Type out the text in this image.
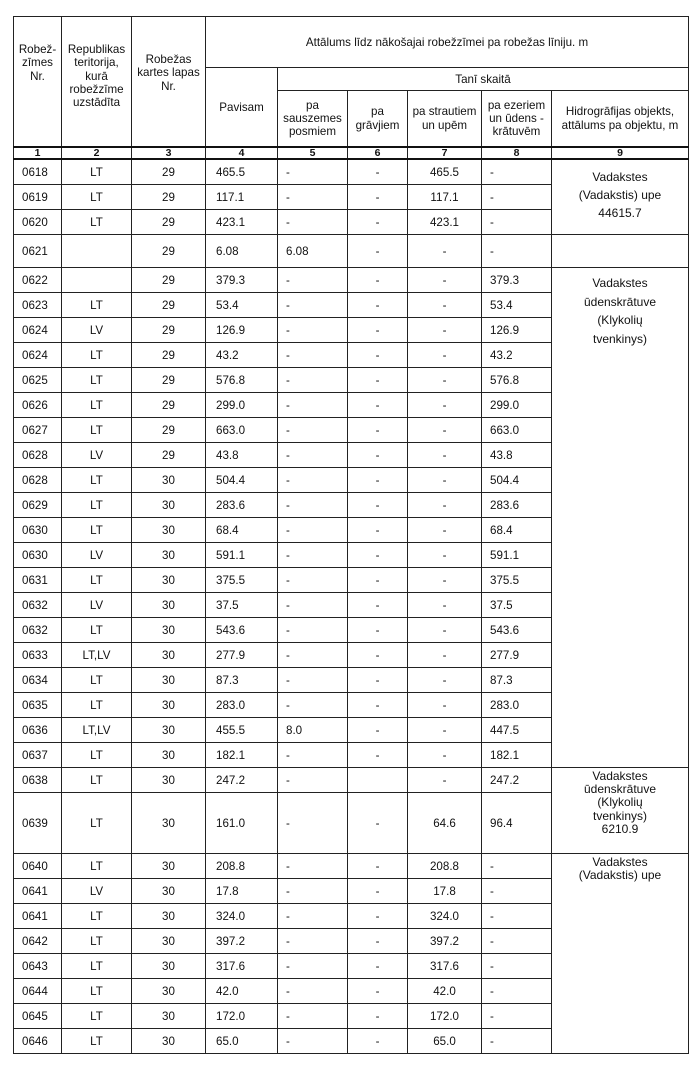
Robež- zīmes Nr.	Republikas teritorija, kurā robežzīme uzstādīta	Robežas kartes lapas Nr.	Attālums līdz nākošajai robežzīmei pa robežas līniju. m					
			Pavisam	Tanī skaitā				
				pa sauszemes posmiem	pa grāvjiem	pa strautiem un upēm	pa ezeriem un ūdens - krātuvēm	Hidrogrāfijas objekts, attālums pa objektu, m
1	2	3	4	5	6	7	8	9
0618	LT	29	465.5	-	-	465.5	-	Vadakstes
(Vadakstis) upe
44615.7

0619	LT	29	117.1	-	-	117.1	-	
0620	LT	29	423.1	-	-	423.1	-	
0621		29	6.08	6.08	-	-	-	
0622		29	379.3	-	-	-	379.3	Vadakstes
ūdenskrātuve
(Klykolių
tvenkinys)

0623	LT	29	53.4	-	-	-	53.4	
0624	LV	29	126.9	-	-	-	126.9	
0624	LT	29	43.2	-	-	-	43.2	
0625	LT	29	576.8	-	-	-	576.8	
0626	LT	29	299.0	-	-	-	299.0	
0627	LT	29	663.0	-	-	-	663.0	
0628	LV	29	43.8	-	-	-	43.8	
0628	LT	30	504.4	-	-	-	504.4	
0629	LT	30	283.6	-	-	-	283.6	
0630	LT	30	68.4	-	-	-	68.4	
0630	LV	30	591.1	-	-	-	591.1	
0631	LT	30	375.5	-	-	-	375.5	
0632	LV	30	37.5	-	-	-	37.5	
0632	LT	30	543.6	-	-	-	543.6	
0633	LT,LV	30	277.9	-	-	-	277.9	
0634	LT	30	87.3	-	-	-	87.3	
0635	LT	30	283.0	-	-	-	283.0	
0636	LT,LV	30	455.5	8.0	-	-	447.5	
0637	LT	30	182.1	-	-	-	182.1	
0638	LT	30	247.2	-		-	247.2	Vadakstes
ūdenskrātuve
(Klykolių
tvenkinys)
6210.9

0639	LT	30	161.0	-	-	64.6	96.4	
0640	LT	30	208.8	-	-	208.8	-	Vadakstes
(Vadakstis) upe

0641	LV	30	17.8	-	-	17.8	-	
0641	LT	30	324.0	-	-	324.0	-	
0642	LT	30	397.2	-	-	397.2	-	
0643	LT	30	317.6	-	-	317.6	-	
0644	LT	30	42.0	-	-	42.0	-	
0645	LT	30	172.0	-	-	172.0	-	
0646	LT	30	65.0	-	-	65.0	-	
